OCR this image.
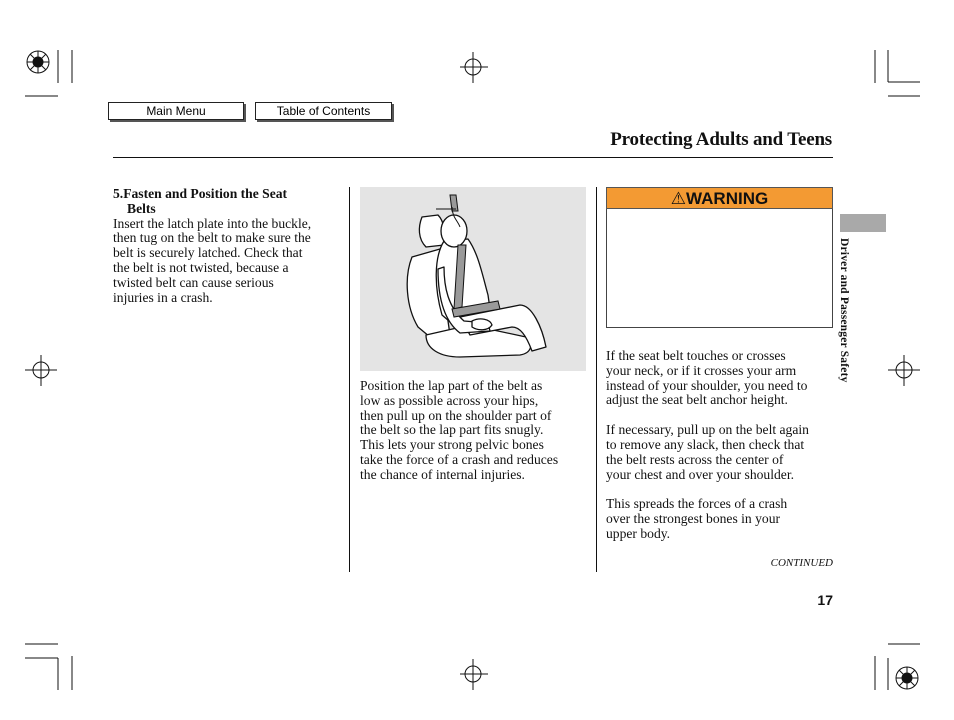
Main Menu	Table of Contents
Protecting Adults and Teens
Driver and Passenger Safety
5.Fasten and Position the Seat
Belts
Insert the latch plate into the buckle,
then tug on the belt to make sure the
belt is securely latched. Check that
the belt is not twisted, because a
twisted belt can cause serious
injuries in a crash.
Position the lap part of the belt as
low as possible across your hips,
then pull up on the shoulder part of
the belt so the lap part fits snugly.
This lets your strong pelvic bones
take the force of a crash and reduces
the chance of internal injuries.
⚠WARNING
If the seat belt touches or crosses
your neck, or if it crosses your arm
instead of your shoulder, you need to
adjust the seat belt anchor height.
If necessary, pull up on the belt again
to remove any slack, then check that
the belt rests across the center of
your chest and over your shoulder.
This spreads the forces of a crash
over the strongest bones in your
upper body.
CONTINUED
17
